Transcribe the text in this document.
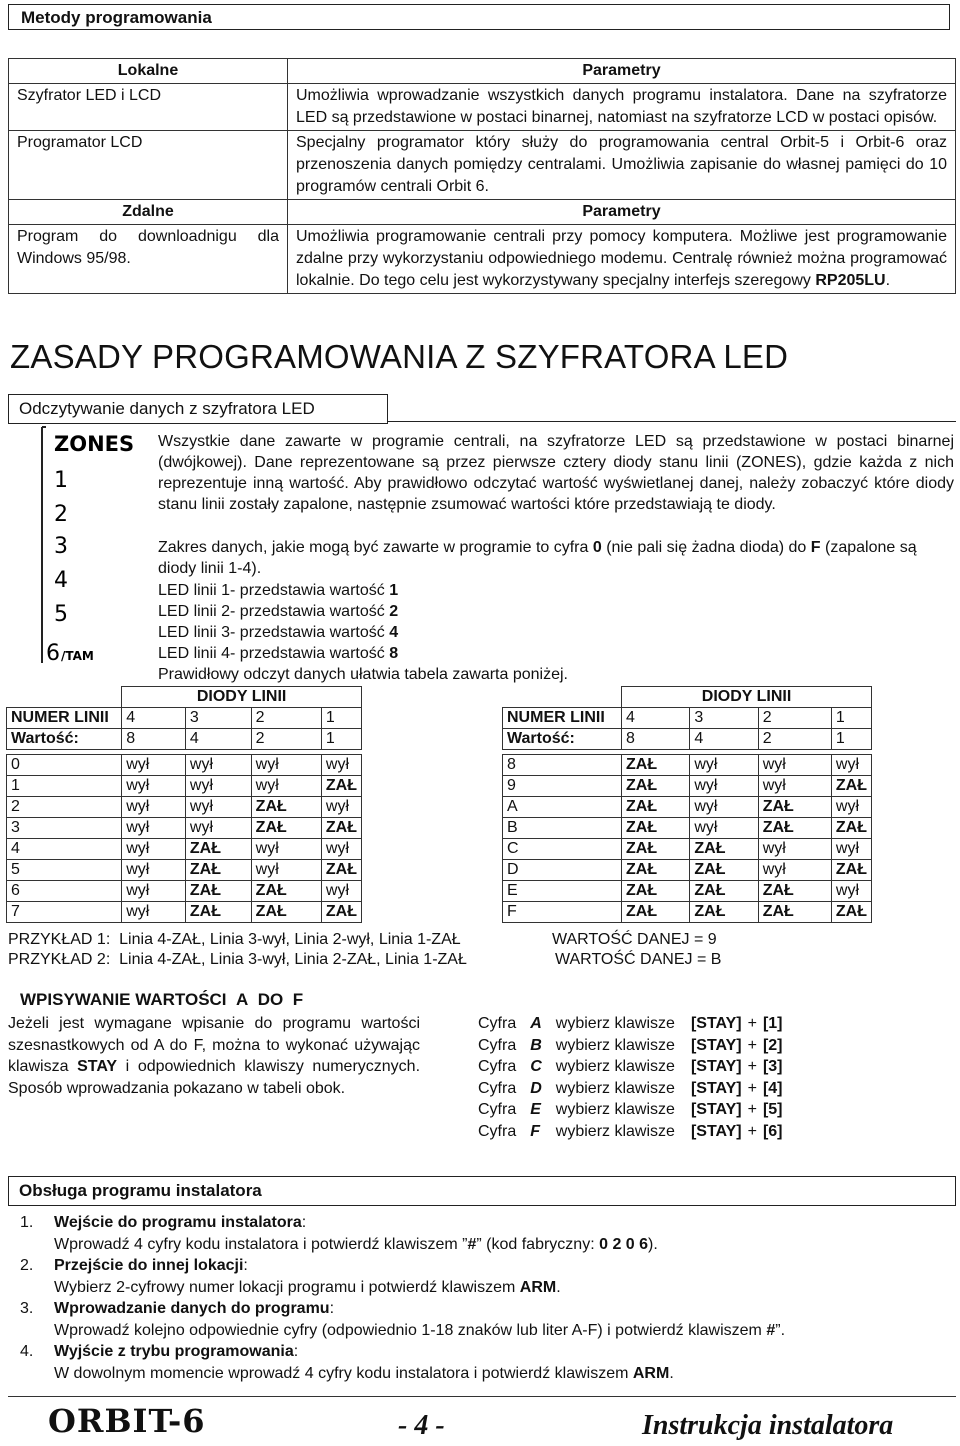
Metody programowania
Lokalne	Parametry
Szyfrator LED i LCD	Umożliwia wprowadzanie wszystkich danych programu instalatora. Dane na szyfratorze LED są przedstawione w postaci binarnej, natomiast na szyfratorze LCD w postaci opisów.
Programator LCD	Specjalny programator który służy do programowania central Orbit-5 i Orbit-6 oraz przenoszenia danych pomiędzy centralami. Umożliwia zapisanie do własnej pamięci do 10 programów centrali Orbit 6.
Zdalne	Parametry
Program do downloadnigu dla Windows 95/98.	Umożliwia programowanie centrali przy pomocy komputera. Możliwe jest programowanie zdalne przy wykorzystaniu odpowiedniego modemu. Centralę również można programować lokalnie. Do tego celu jest wykorzystywany specjalny interfejs szeregowy RP205LU.
ZASADY PROGRAMOWANIA Z SZYFRATORA LED
Odczytywanie danych z szyfratora LED
ZONES
1
2
3
4
5
6 /TAM
Wszystkie dane zawarte w programie centrali, na szyfratorze LED są przedstawione w postaci binarnej (dwójkowej). Dane reprezentowane są przez pierwsze cztery diody stanu linii (ZONES), gdzie każda z nich reprezentuje inną wartość. Aby prawidłowo odczytać wartość wyświetlanej danej, należy zobaczyć które diody stanu linii zostały zapalone, następnie zsumować wartości które przedstawiają te diody.
Zakres danych, jakie mogą być zawarte w programie to cyfra 0 (nie pali się żadna dioda) do F (zapalone są diody linii 1-4).
LED linii 1- przedstawia wartość 1
LED linii 2- przedstawia wartość 2
LED linii 3- przedstawia wartość 4
LED linii 4- przedstawia wartość 8
Prawidłowy odczyt danych ułatwia tabela zawarta poniżej.
	DIODY LINII			
NUMER LINII	4	3	2	1
Wartość:	8	4	2	1

0	wył	wył	wył	wył
1	wył	wył	wył	ZAŁ
2	wył	wył	ZAŁ	wył
3	wył	wył	ZAŁ	ZAŁ
4	wył	ZAŁ	wył	wył
5	wył	ZAŁ	wył	ZAŁ
6	wył	ZAŁ	ZAŁ	wył
7	wył	ZAŁ	ZAŁ	ZAŁ
	DIODY LINII			
NUMER LINII	4	3	2	1
Wartość:	8	4	2	1

8	ZAŁ	wył	wył	wył
9	ZAŁ	wył	wył	ZAŁ
A	ZAŁ	wył	ZAŁ	wył
B	ZAŁ	wył	ZAŁ	ZAŁ
C	ZAŁ	ZAŁ	wył	wył
D	ZAŁ	ZAŁ	wył	ZAŁ
E	ZAŁ	ZAŁ	ZAŁ	wył
F	ZAŁ	ZAŁ	ZAŁ	ZAŁ
PRZYKŁAD 1: Linia 4-ZAŁ, Linia 3-wył, Linia 2-wył, Linia 1-ZAŁ	WARTOŚĆ DANEJ = 9
PRZYKŁAD 2: Linia 4-ZAŁ, Linia 3-wył, Linia 2-ZAŁ, Linia 1-ZAŁ	WARTOŚĆ DANEJ = B
WPISYWANIE WARTOŚCI  A  DO  F
Jeżeli jest wymagane wpisanie do programu wartości szesnastkowych od A do F, można to wykonać używając klawisza STAY i odpowiednich klawiszy numerycznych. Sposób wprowadzania pokazano w tabeli obok.
Cyfra	A	wybierz klawisze	[STAY]	+	[1]
Cyfra	B	wybierz klawisze	[STAY]	+	[2]
Cyfra	C	wybierz klawisze	[STAY]	+	[3]
Cyfra	D	wybierz klawisze	[STAY]	+	[4]
Cyfra	E	wybierz klawisze	[STAY]	+	[5]
Cyfra	F	wybierz klawisze	[STAY]	+	[6]
Obsługa programu instalatora
1. Wejście do programu instalatora:
Wprowadź 4 cyfry kodu instalatora i potwierdź klawiszem ”#” (kod fabryczny: 0 2 0 6).
2. Przejście do innej lokacji:
Wybierz 2-cyfrowy numer lokacji programu i potwierdź klawiszem ARM.
3. Wprowadzanie danych do programu:
Wprowadź kolejno odpowiednie cyfry (odpowiednio 1-18 znaków lub liter A-F) i potwierdź klawiszem #”.
4. Wyjście z trybu programowania:
W dowolnym momencie wprowadź 4 cyfry kodu instalatora i potwierdź klawiszem ARM.
ORBIT-6	- 4 -	Instrukcja instalatora
